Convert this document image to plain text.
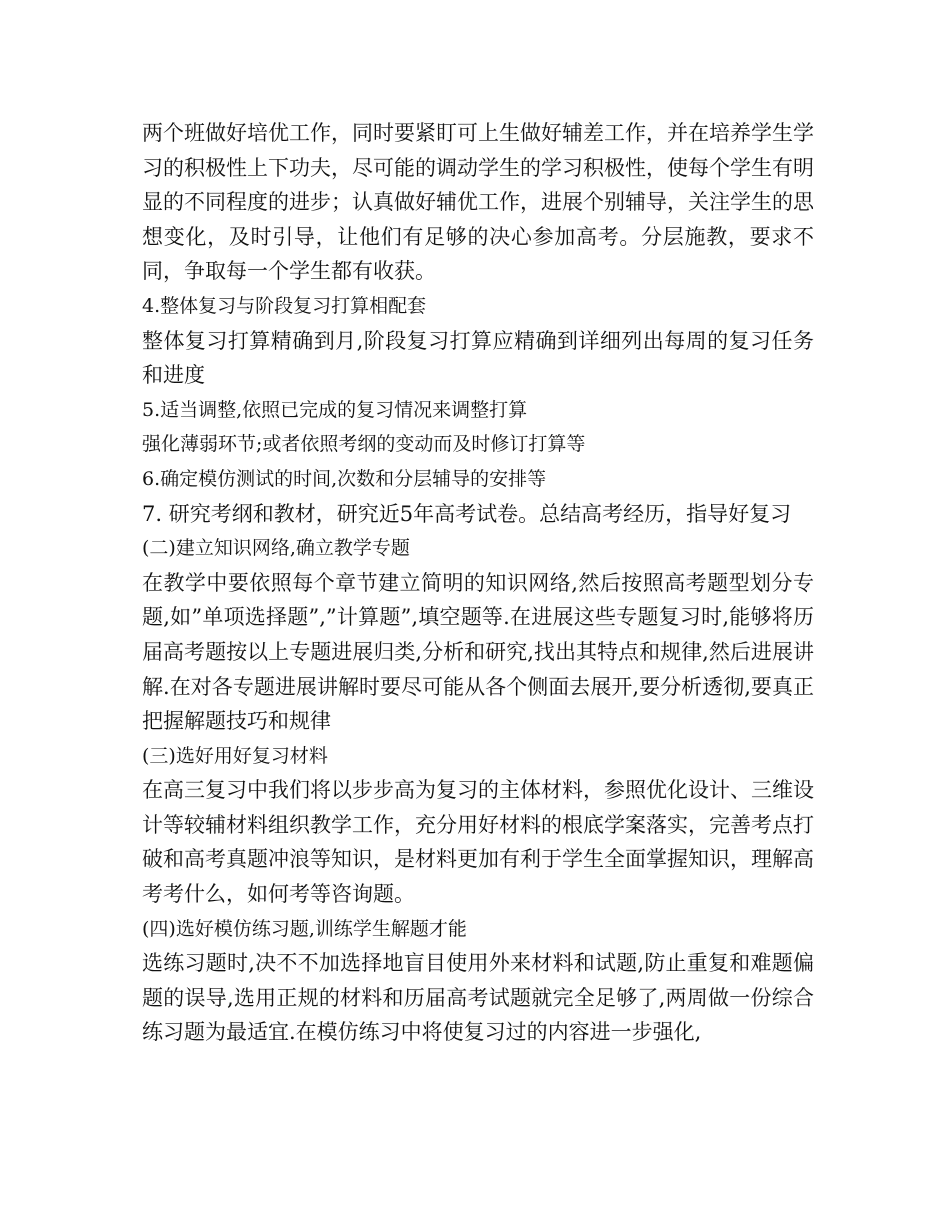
两个班做好培优工作，同时要紧盯可上生做好辅差工作，并在培养学生学习的积极性上下功夫，尽可能的调动学生的学习积极性，使每个学生有明显的不同程度的进步；认真做好辅优工作，进展个别辅导，关注学生的思想变化，及时引导，让他们有足够的决心参加高考。分层施教，要求不同，争取每一个学生都有收获。

4.整体复习与阶段复习打算相配套

整体复习打算精确到月,阶段复习打算应精确到详细列出每周的复习任务和进度

5.适当调整,依照已完成的复习情况来调整打算

强化薄弱环节;或者依照考纲的变动而及时修订打算等

6.确定模仿测试的时间,次数和分层辅导的安排等

7. 研究考纲和教材，研究近5年高考试卷。总结高考经历，指导好复习

(二)建立知识网络,确立教学专题

在教学中要依照每个章节建立简明的知识网络,然后按照高考题型划分专题,如”单项选择题”,”计算题”,填空题等.在进展这些专题复习时,能够将历届高考题按以上专题进展归类,分析和研究,找出其特点和规律,然后进展讲解.在对各专题进展讲解时要尽可能从各个侧面去展开,要分析透彻,要真正把握解题技巧和规律

(三)选好用好复习材料

在高三复习中我们将以步步高为复习的主体材料，参照优化设计、三维设计等较辅材料组织教学工作，充分用好材料的根底学案落实，完善考点打破和高考真题冲浪等知识，是材料更加有利于学生全面掌握知识，理解高考考什么，如何考等咨询题。

(四)选好模仿练习题,训练学生解题才能

选练习题时,决不不加选择地盲目使用外来材料和试题,防止重复和难题偏题的误导,选用正规的材料和历届高考试题就完全足够了,两周做一份综合练习题为最适宜.在模仿练习中将使复习过的内容进一步强化,
